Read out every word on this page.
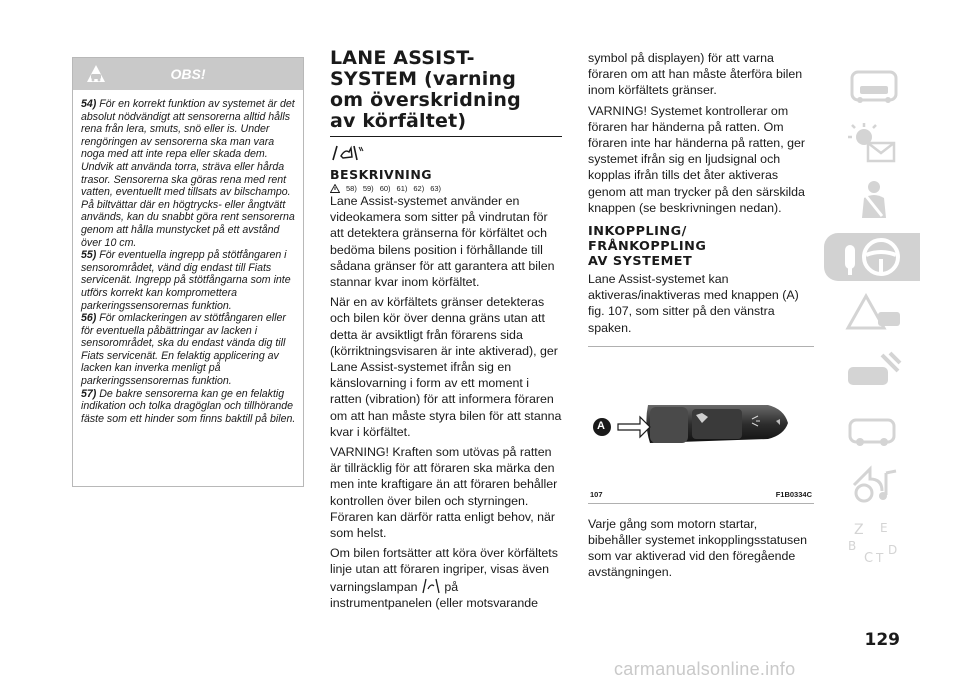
OBS!

54) För en korrekt funktion av systemet är det absolut nödvändigt att sensorerna alltid hålls rena från lera, smuts, snö eller is. Under rengöringen av sensorerna ska man vara noga med att inte repa eller skada dem. Undvik att använda torra, sträva eller hårda trasor. Sensorerna ska göras rena med rent vatten, eventuellt med tillsats av bilschampo. På biltvättar där en högtrycks- eller ångtvätt används, kan du snabbt göra rent sensorerna genom att hålla munstycket på ett avstånd över 10 cm.

55) För eventuella ingrepp på stötfångaren i sensorområdet, vänd dig endast till Fiats servicenät. Ingrepp på stötfångarna som inte utförs korrekt kan kompromettera parkeringssensorernas funktion.

56) För omlackeringen av stötfångaren eller för eventuella påbättringar av lacken i sensorområdet, ska du endast vända dig till Fiats servicenät. En felaktig applicering av lacken kan inverka menligt på parkeringssensorernas funktion.

57) De bakre sensorerna kan ge en felaktig indikation och tolka dragöglan och tillhörande fäste som ett hinder som finns baktill på bilen.

LANE ASSIST-
SYSTEM (varning
om överskridning
av körfältet)
BESKRIVNING
58) 59) 60) 61) 62) 63)

Lane Assist-systemet använder en videokamera som sitter på vindrutan för att detektera gränserna för körfältet och bedöma bilens position i förhållande till sådana gränser för att garantera att bilen stannar kvar inom körfältet.

När en av körfältets gränser detekteras och bilen kör över denna gräns utan att detta är avsiktligt från förarens sida (körriktningsvisaren är inte aktiverad), ger Lane Assist-systemet ifrån sig en känslovarning i form av ett moment i ratten (vibration) för att informera föraren om att han måste styra bilen för att stanna kvar i körfältet.

VARNING! Kraften som utövas på ratten är tillräcklig för att föraren ska märka den men inte kraftigare än att föraren behåller kontrollen över bilen och styrningen. Föraren kan därför ratta enligt behov, när som helst.

Om bilen fortsätter att köra över körfältets linje utan att föraren ingriper, visas även varningslampan på instrumentpanelen (eller motsvarande

symbol på displayen) för att varna föraren om att han måste återföra bilen inom körfältets gränser.

VARNING! Systemet kontrollerar om föraren har händerna på ratten. Om föraren inte har händerna på ratten, ger systemet ifrån sig en ljudsignal och kopplas ifrån tills det åter aktiveras genom att man trycker på den särskilda knappen (se beskrivningen nedan).

INKOPPLING/
FRÅNKOPPLING
AV SYSTEMET

Lane Assist-systemet kan aktiveras/inaktiveras med knappen (A) fig. 107, som sitter på den vänstra spaken.

A
107	F1B0334C

Varje gång som motorn startar, bibehåller systemet inkopplingsstatusen som var aktiverad vid den föregående avstängningen.

Z E
B
C T
D
129
carmanualsonline.info
